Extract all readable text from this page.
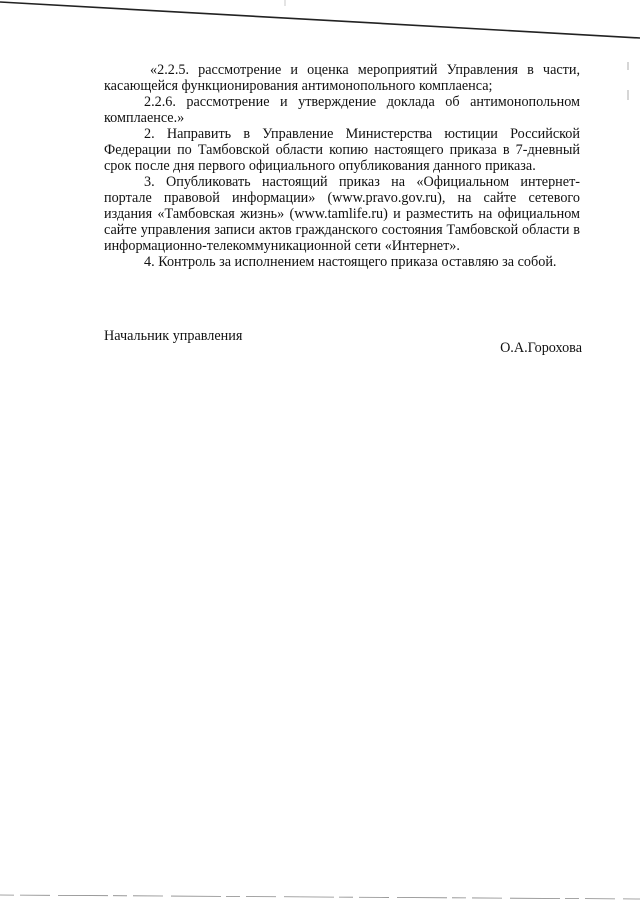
«2.2.5. рассмотрение и оценка мероприятий Управления в части, касающейся функционирования антимонопольного комплаенса;

2.2.6. рассмотрение и утверждение доклада об антимонопольном комплаенсе.»

2. Направить в Управление Министерства юстиции Российской Федерации по Тамбовской области копию настоящего приказа в 7-дневный срок после дня первого официального опубликования данного приказа.

3. Опубликовать настоящий приказ на «Официальном интернет-портале правовой информации» (www.pravo.gov.ru), на сайте сетевого издания «Тамбовская жизнь» (www.tamlife.ru) и разместить на официальном сайте управления записи актов гражданского состояния Тамбовской области в информационно-телекоммуникационной сети «Интернет».

4. Контроль за исполнением настоящего приказа оставляю за собой.

Начальник управления
О.А.Горохова
